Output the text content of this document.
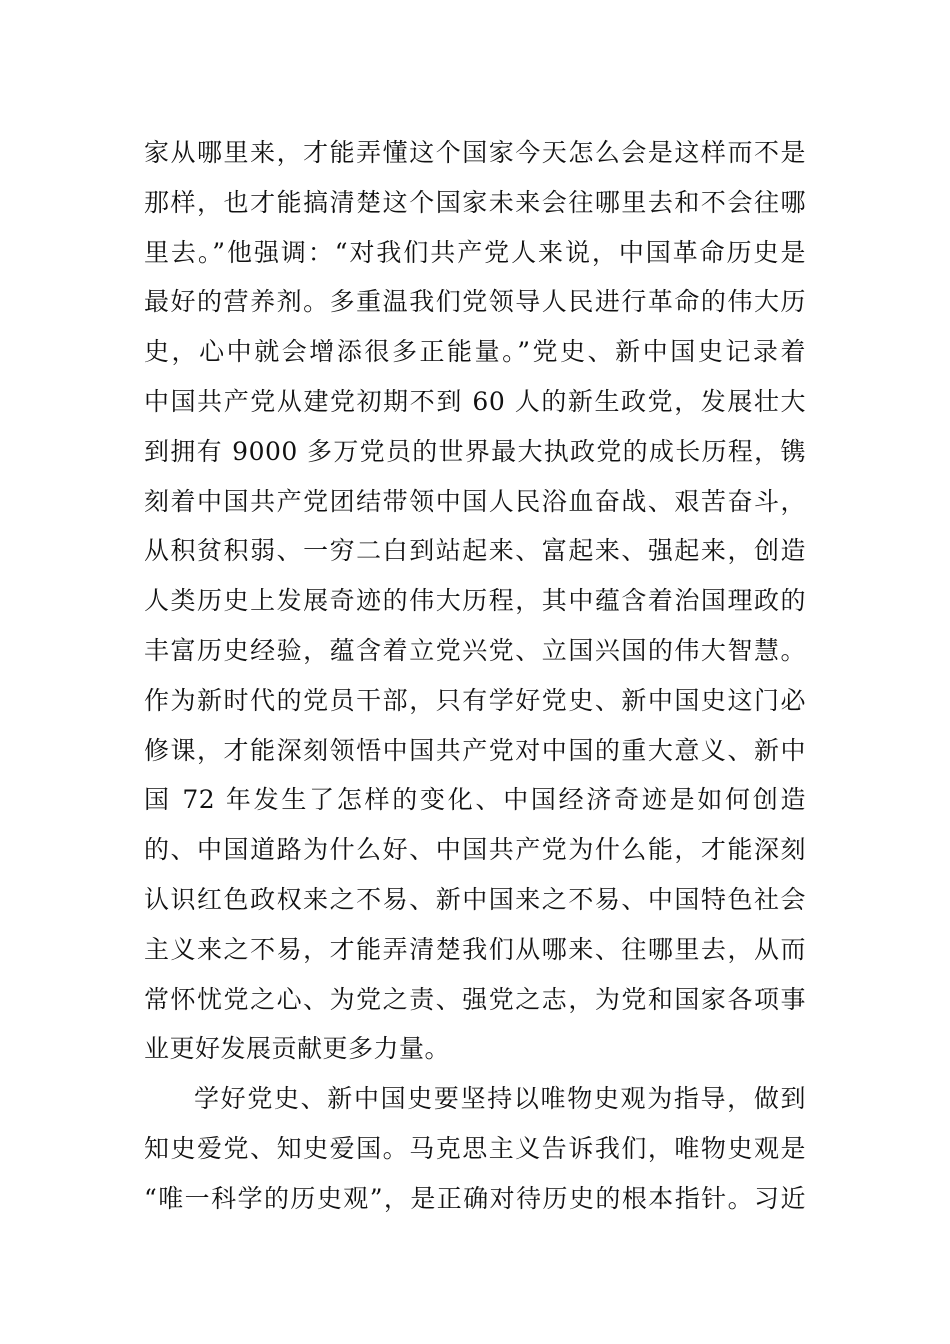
家从哪里来，才能弄懂这个国家今天怎么会是这样而不是
那样，也才能搞清楚这个国家未来会往哪里去和不会往哪
里去。”他强调：“对我们共产党人来说，中国革命历史是
最好的营养剂。多重温我们党领导人民进行革命的伟大历
史，心中就会增添很多正能量。”党史、新中国史记录着
中国共产党从建党初期不到 60 人的新生政党，发展壮大
到拥有 9000 多万党员的世界最大执政党的成长历程，镌
刻着中国共产党团结带领中国人民浴血奋战、艰苦奋斗，
从积贫积弱、一穷二白到站起来、富起来、强起来，创造
人类历史上发展奇迹的伟大历程，其中蕴含着治国理政的
丰富历史经验，蕴含着立党兴党、立国兴国的伟大智慧。
作为新时代的党员干部，只有学好党史、新中国史这门必
修课，才能深刻领悟中国共产党对中国的重大意义、新中
国 72 年发生了怎样的变化、中国经济奇迹是如何创造
的、中国道路为什么好、中国共产党为什么能，才能深刻
认识红色政权来之不易、新中国来之不易、中国特色社会
主义来之不易，才能弄清楚我们从哪来、往哪里去，从而
常怀忧党之心、为党之责、强党之志，为党和国家各项事
业更好发展贡献更多力量。
学好党史、新中国史要坚持以唯物史观为指导，做到
知史爱党、知史爱国。马克思主义告诉我们，唯物史观是
“唯一科学的历史观”，是正确对待历史的根本指针。习近
